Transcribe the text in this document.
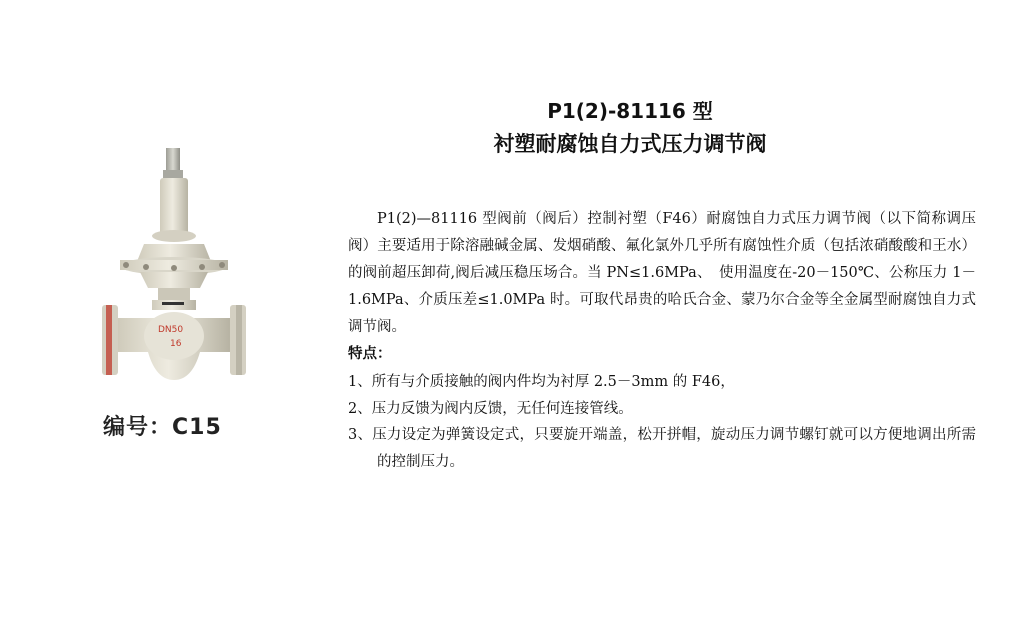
DN50
16
编号：C15
P1(2)-81116 型
衬塑耐腐蚀自力式压力调节阀

P1(2)—81116 型阀前（阀后）控制衬塑（F46）耐腐蚀自力式压力调节阀（以下简称调压阀）主要适用于除溶融碱金属、发烟硝酸、氟化氯外几乎所有腐蚀性介质（包括浓硝酸酸和王水）的阀前超压卸荷,阀后减压稳压场合。当 PN≤1.6MPa、　使用温度在-20－150℃、公称压力 1－1.6MPa、介质压差≤1.0MPa 时。可取代昂贵的哈氏合金、蒙乃尔合金等全金属型耐腐蚀自力式调节阀。

特点：
1、所有与介质接触的阀内件均为衬厚 2.5－3mm 的 F46，
2、压力反馈为阀内反馈，无任何连接管线。
3、压力设定为弹簧设定式，只要旋开端盖，松开拼帽，旋动压力调节螺钉就可以方便地调出所需的控制压力。
